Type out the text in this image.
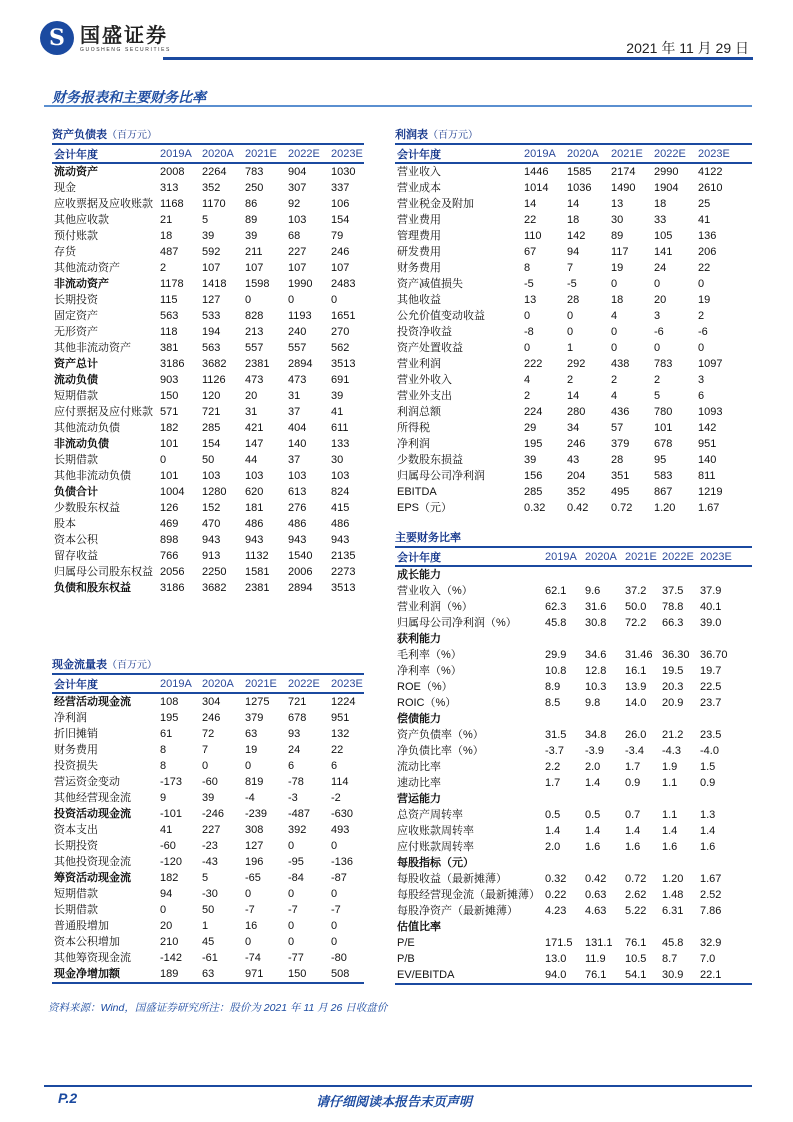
S 国盛证券
GUOSHENG SECURITIES	2021 年 11 月 29 日
财务报表和主要财务比率
资产负债表（百万元）
会计年度	2019A 2020A	2021E	2022E	2023E
流动资产	2008	2264	783	904	1030
现金	313	352	250	307	337
应收票据及应收账款 1168	1170	86	92	106
其他应收款	21	5	89	103	154
预付账款	18	39	39	68	79
存货	487	592	211	227	246
其他流动资产	2	107	107	107	107
非流动资产	1178	1418	1598	1990	2483
长期投资	115	127	0	0	0
固定资产	563	533	828	1193	1651
无形资产	118	194	213	240	270
其他非流动资产	381	563	557	557	562
资产总计	3186	3682	2381	2894	3513
流动负债	903	1126	473	473	691
短期借款	150	120	20	31	39
应付票据及应付账款 571	721	31	37	41
其他流动负债	182	285	421	404	611
非流动负债	101	154	147	140	133
长期借款	0	50	44	37	30
其他非流动负债	101	103	103	103	103
负债合计	1004	1280	620	613	824
少数股东权益	126	152	181	276	415
股本	469	470	486	486	486
资本公积	898	943	943	943	943
留存收益	766	913	1132	1540	2135
归属母公司股东权益 2056	2250	1581	2006	2273
负债和股东权益	3186	3682	2381	2894	3513
利润表（百万元）
会计年度	2019A	2020A	2021E	2022E	2023E
营业收入	1446	1585	2174	2990	4122
营业成本	1014	1036	1490	1904	2610
营业税金及附加	14	14	13	18	25
营业费用	22	18	30	33	41
管理费用	110	142	89	105	136
研发费用	67	94	117	141	206
财务费用	8	7	19	24	22
资产减值损失	-5	-5	0	0	0
其他收益	13	28	18	20	19
公允价值变动收益	0	0	4	3	2
投资净收益	-8	0	0	-6	-6
资产处置收益	0	1	0	0	0
营业利润	222	292	438	783	1097
营业外收入	4	2	2	2	3
营业外支出	2	14	4	5	6
利润总额	224	280	436	780	1093
所得税	29	34	57	101	142
净利润	195	246	379	678	951
少数股东损益	39	43	28	95	140
归属母公司净利润	156	204	351	583	811
EBITDA	285	352	495	867	1219
EPS（元）	0.32	0.42	0.72	1.20	1.67
主要财务比率
会计年度	2019A 2020A 2021E 2022E 2023E
成长能力
营业收入（%）	62.1	9.6	37.2	37.5	37.9
营业利润（%）	62.3	31.6	50.0	78.8	40.1
归属母公司净利润（%）	45.8	30.8	72.2	66.3	39.0
获利能力
毛利率（%）	29.9	34.6	31.46 36.30 36.70
净利率（%）	10.8	12.8	16.1	19.5	19.7
ROE（%）	8.9	10.3	13.9	20.3	22.5
ROIC（%）	8.5	9.8	14.0	20.9	23.7
偿债能力
资产负债率（%）	31.5	34.8	26.0	21.2	23.5
净负债比率（%）	-3.7	-3.9	-3.4	-4.3	-4.0
流动比率	2.2	2.0	1.7	1.9	1.5
速动比率	1.7	1.4	0.9	1.1	0.9
营运能力
总资产周转率	0.5	0.5	0.7	1.1	1.3
应收账款周转率	1.4	1.4	1.4	1.4	1.4
应付账款周转率	2.0	1.6	1.6	1.6	1.6
每股指标（元）
每股收益（最新摊薄）	0.32	0.42	0.72	1.20	1.67
每股经营现金流（最新摊薄） 0.22	0.63	2.62	1.48	2.52
每股净资产（最新摊薄）	4.23	4.63	5.22	6.31	7.86
估值比率
P/E	171.5	131.1	76.1	45.8	32.9
P/B	13.0	11.9	10.5	8.7	7.0
EV/EBITDA	94.0	76.1	54.1	30.9	22.1
现金流量表（百万元）
会计年度	2019A 2020A	2021E	2022E	2023E
经营活动现金流	108	304	1275	721	1224
净利润	195	246	379	678	951
折旧摊销	61	72	63	93	132
财务费用	8	7	19	24	22
投资损失	8	0	0	6	6
营运资金变动	-173	-60	819	-78	114
其他经营现金流	9	39	-4	-3	-2
投资活动现金流	-101	-246	-239	-487	-630
资本支出	41	227	308	392	493
长期投资	-60	-23	127	0	0
其他投资现金流	-120	-43	196	-95	-136
筹资活动现金流	182	5	-65	-84	-87
短期借款	94	-30	0	0	0
长期借款	0	50	-7	-7	-7
普通股增加	20	1	16	0	0
资本公积增加	210	45	0	0	0
其他筹资现金流	-142	-61	-74	-77	-80
现金净增加额	189	63	971	150	508
资料来源：Wind，国盛证券研究所注：股价为 2021 年 11 月 26 日收盘价
P.2	请仔细阅读本报告末页声明
